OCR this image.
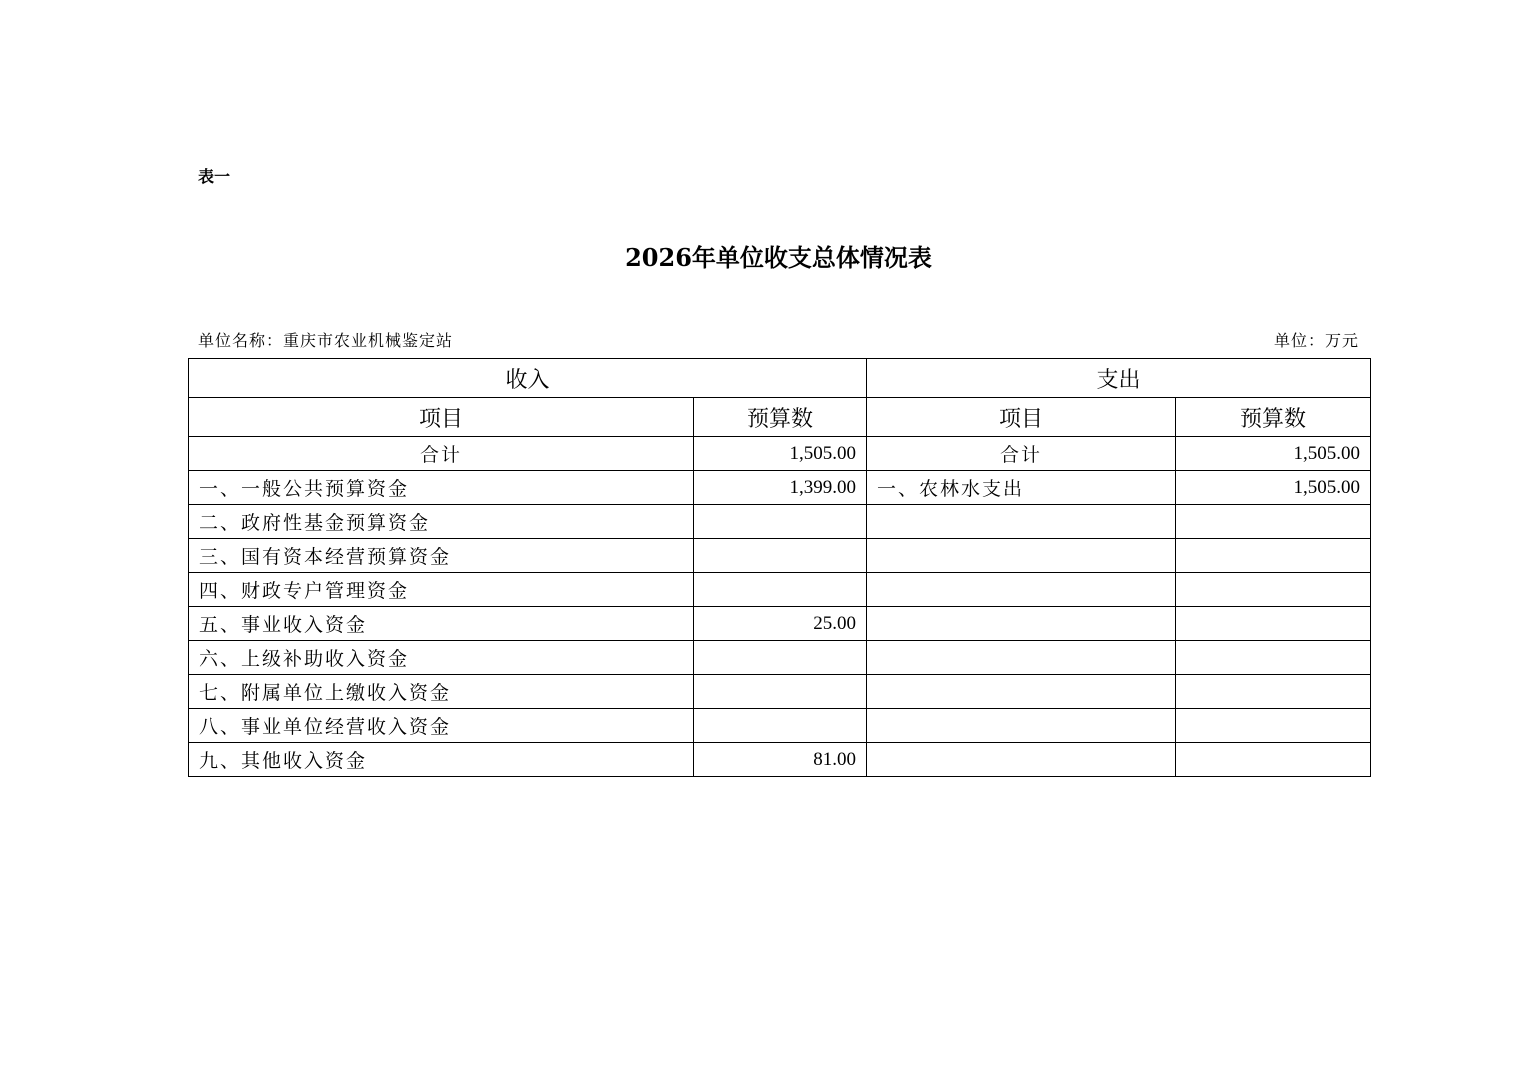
表一
2026年单位收支总体情况表
单位名称：重庆市农业机械鉴定站	单位：万元
收入		支出	
项目	预算数	项目	预算数
合计	1,505.00	合计	1,505.00
一、一般公共预算资金	1,399.00	一、农林水支出	1,505.00
二、政府性基金预算资金			
三、国有资本经营预算资金			
四、财政专户管理资金			
五、事业收入资金	25.00		
六、上级补助收入资金			
七、附属单位上缴收入资金			
八、事业单位经营收入资金			
九、其他收入资金	81.00		
